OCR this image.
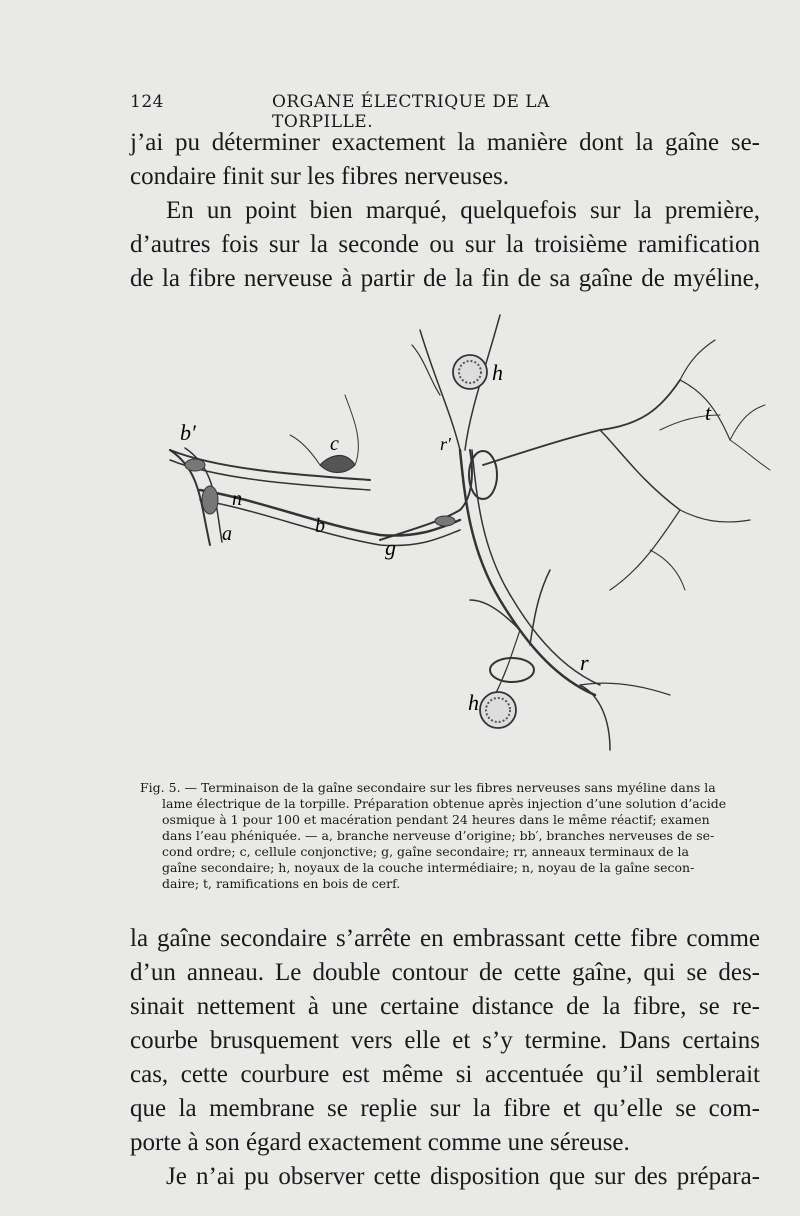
124	ORGANE ÉLECTRIQUE DE LA TORPILLE.
j’ai pu déterminer exactement la manière dont la gaîne se-
condaire finit sur les fibres nerveuses.
En un point bien marqué, quelquefois sur la première,
d’autres fois sur la seconde ou sur la troisième ramification
de la fibre nerveuse à partir de la fin de sa gaîne de myéline,
b′	c
n
a	b
g
r′
r
h
h
t
Fig. 5. — Terminaison de la gaîne secondaire sur les fibres nerveuses sans myéline dans la
lame électrique de la torpille. Préparation obtenue après injection d’une solution d’acide
osmique à 1 pour 100 et macération pendant 24 heures dans le même réactif; examen
dans l’eau phéniquée. — a, branche nerveuse d’origine; bb′, branches nerveuses de se-
cond ordre; c, cellule conjonctive; g, gaîne secondaire; rr, anneaux terminaux de la
gaîne secondaire; h, noyaux de la couche intermédiaire; n, noyau de la gaîne secon-
daire; t, ramifications en bois de cerf.
la gaîne secondaire s’arrête en embrassant cette fibre comme
d’un anneau. Le double contour de cette gaîne, qui se des-
sinait nettement à une certaine distance de la fibre, se re-
courbe brusquement vers elle et s’y termine. Dans certains
cas, cette courbure est même si accentuée qu’il semblerait
que la membrane se replie sur la fibre et qu’elle se com-
porte à son égard exactement comme une séreuse.
Je n’ai pu observer cette disposition que sur des prépara-
